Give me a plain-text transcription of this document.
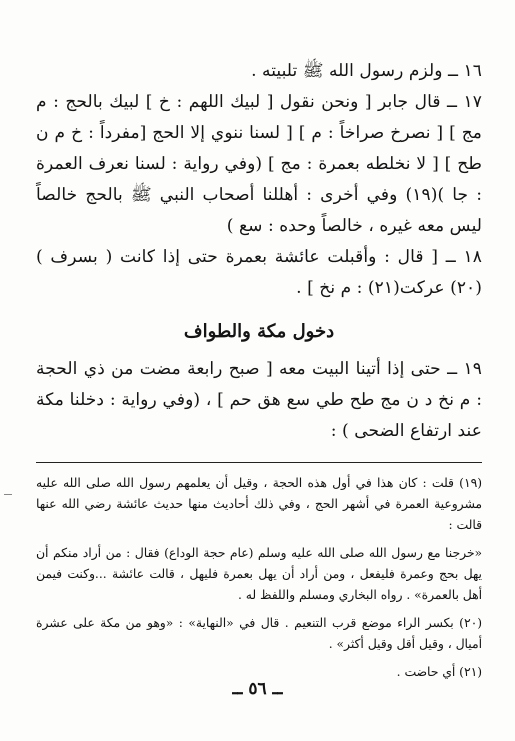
١٦ ــ ولزم رسول الله ﷺ تلبيته .

١٧ ــ قال جابر [ ونحن نقول [ لبيك اللهم : خ ] لبيك بالحج : م مج ] [ نصرخ صراخاً : م ] [ لسنا ننوي إلا الحج [مفرداً : خ م ن طح ] [ لا نخلطه بعمرة : مج ] (وفي رواية : لسنا نعرف العمرة : جا )(١٩) وفي أخرى : أهللنا أصحاب النبي ﷺ بالحج خالصاً ليس معه غيره ، خالصاً وحده : سع )

١٨ ــ [ قال : وأقبلت عائشة بعمرة حتى إذا كانت ( بسرف )(٢٠) عركت(٢١) : م نخ ] .

دخول مكة والطواف

١٩ ــ حتى إذا أتينا البيت معه [ صبح رابعة مضت من ذي الحجة : م نخ د ن مج طح طي سع هق حم ] ، (وفي رواية : دخلنا مكة عند ارتفاع الضحى ) :

(١٩) قلت : كان هذا في أول هذه الحجة ، وقيل أن يعلمهم رسول الله صلى الله عليه مشروعية العمرة في أشهر الحج ، وفي ذلك أحاديث منها حديث عائشة رضي الله عنها قالت :

«خرجنا مع رسول الله صلى الله عليه وسلم (عام حجة الوداع) فقال : من أراد منكم أن يهل بحج وعمرة فليفعل ، ومن أراد أن يهل بعمرة فليهل ، قالت عائشة ...وكنت فيمن أهل بالعمرة» . رواه البخاري ومسلم واللفظ له .

(٢٠) بكسر الراء موضع قرب التنعيم . قال في «النهاية» : «وهو من مكة على عشرة أميال ، وقيل أقل وقيل أكثر» .

(٢١) أي حاضت .

ــ ٥٦ ــ
